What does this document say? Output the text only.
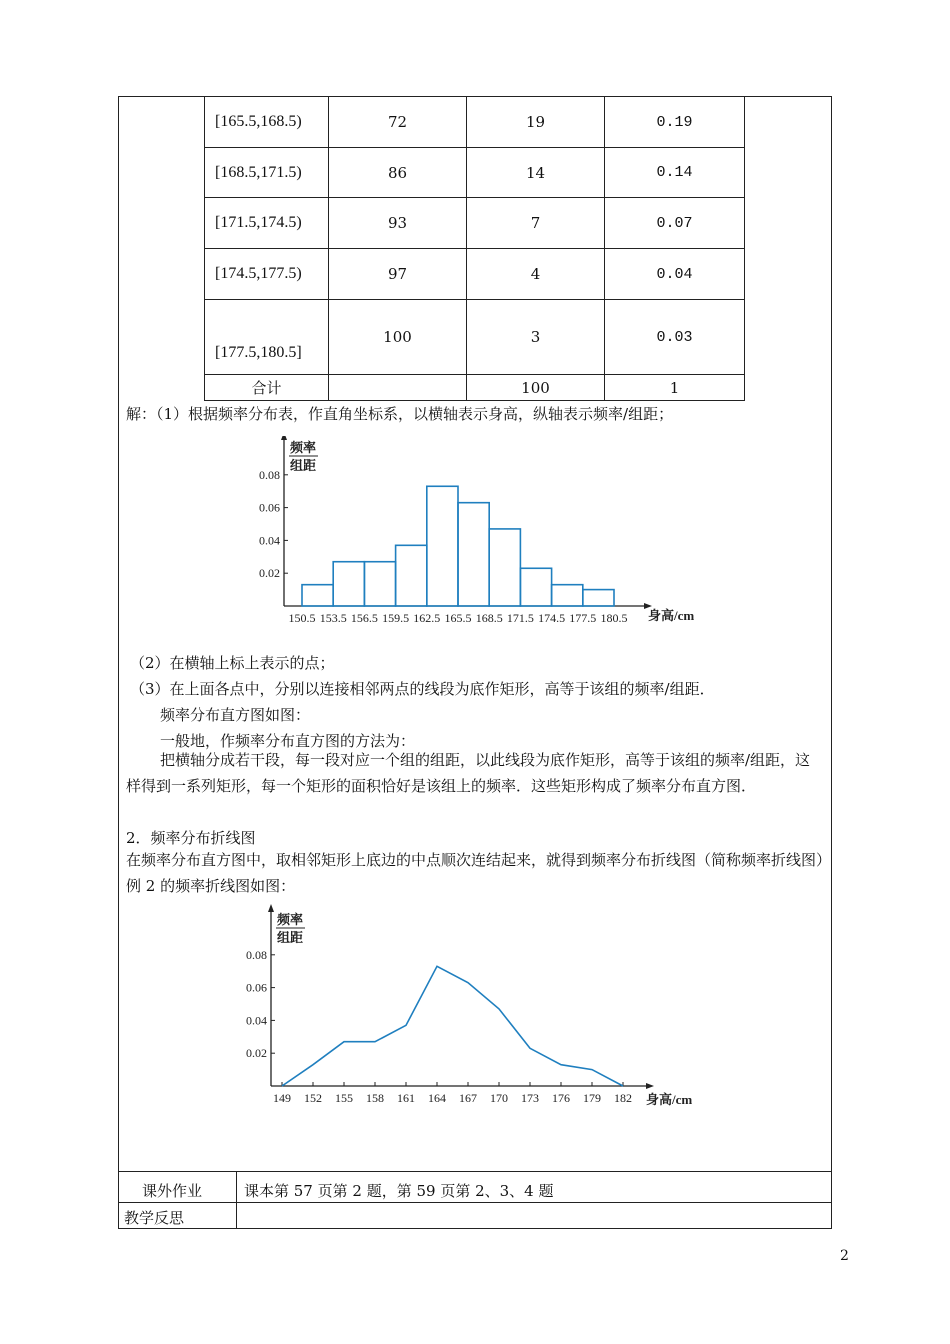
[165.5,168.5)	72	19	0.19
[168.5,171.5)	86	14	0.14
[171.5,174.5)	93	7	0.07
[174.5,177.5)	97	4	0.04
[177.5,180.5]	100	3	0.03
合计		100	1
解：（1）根据频率分布表，作直角坐标系，以横轴表示身高，纵轴表示频率/组距；
0.02
0.04
0.06
0.08
频率
组距
150.5 153.5 156.5 159.5 162.5 165.5 168.5 171.5 174.5 177.5 180.5 身高/cm
（2）在横轴上标上表示的点；
（3）在上面各点中，分别以连接相邻两点的线段为底作矩形，高等于该组的频率/组距．
频率分布直方图如图：
一般地，作频率分布直方图的方法为：
把横轴分成若干段，每一段对应一个组的组距，以此线段为底作矩形，高等于该组的频率/组距，这样得到一系列矩形，每一个矩形的面积恰好是该组上的频率．这些矩形构成了频率分布直方图．
2．频率分布折线图
在频率分布直方图中，取相邻矩形上底边的中点顺次连结起来，就得到频率分布折线图（简称频率折线图）例 2 的频率折线图如图：
0.02
0.04
0.06
0.08
频率
组距
149 152 155 158 161 164 167 170 173 176 179 182 身高/cm
课外作业	课本第 57 页第 2 题，第 59 页第 2、3、4 题
教学反思
2
